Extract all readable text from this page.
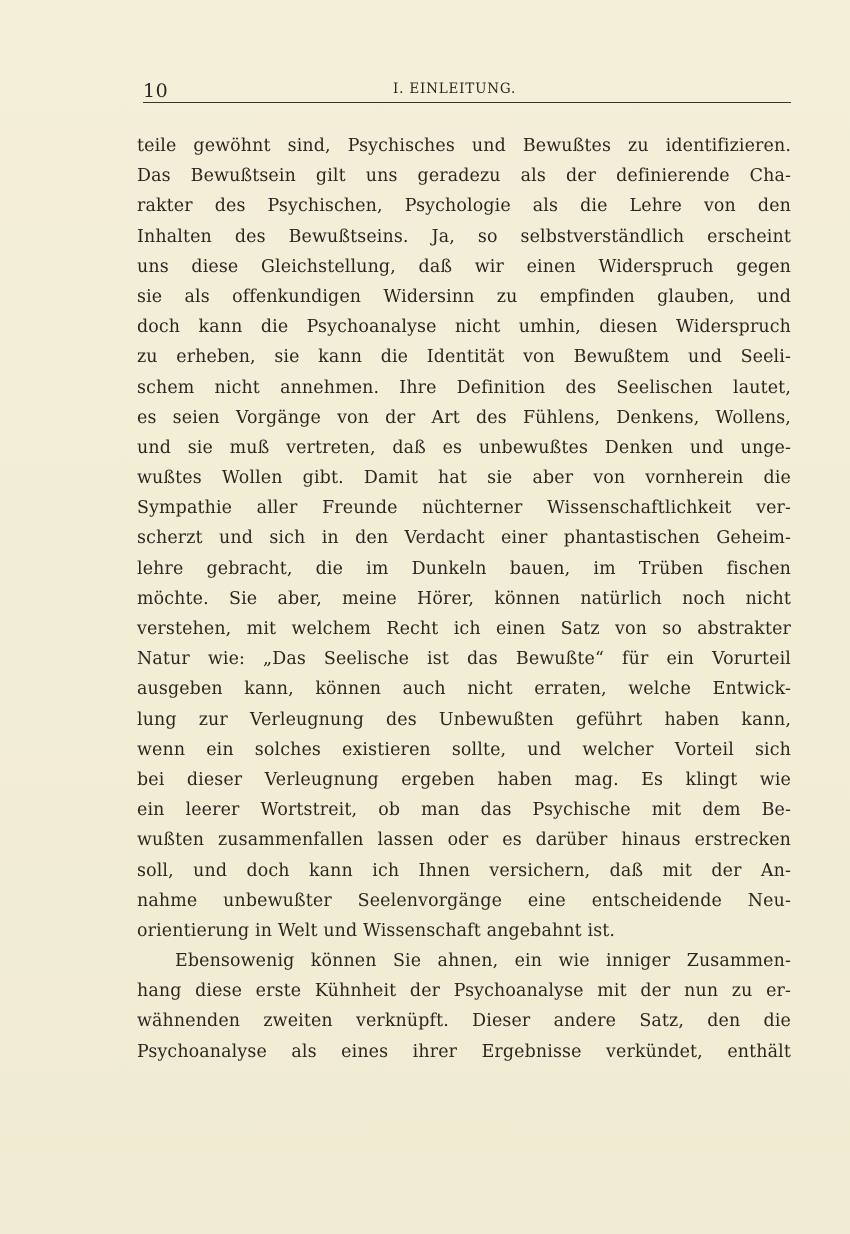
10	I. EINLEITUNG.
teile gewöhnt sind, Psychisches und Bewußtes zu identifizieren.
Das Bewußtsein gilt uns geradezu als der definierende Cha-
rakter des Psychischen, Psychologie als die Lehre von den
Inhalten des Bewußtseins. Ja, so selbstverständlich erscheint
uns diese Gleichstellung, daß wir einen Widerspruch gegen
sie als offenkundigen Widersinn zu empfinden glauben, und
doch kann die Psychoanalyse nicht umhin, diesen Widerspruch
zu erheben, sie kann die Identität von Bewußtem und Seeli-
schem nicht annehmen. Ihre Definition des Seelischen lautet,
es seien Vorgänge von der Art des Fühlens, Denkens, Wollens,
und sie muß vertreten, daß es unbewußtes Denken und unge-
wußtes Wollen gibt. Damit hat sie aber von vornherein die
Sympathie aller Freunde nüchterner Wissenschaftlichkeit ver-
scherzt und sich in den Verdacht einer phantastischen Geheim-
lehre gebracht, die im Dunkeln bauen, im Trüben fischen
möchte. Sie aber, meine Hörer, können natürlich noch nicht
verstehen, mit welchem Recht ich einen Satz von so abstrakter
Natur wie: „Das Seelische ist das Bewußte“ für ein Vorurteil
ausgeben kann, können auch nicht erraten, welche Entwick-
lung zur Verleugnung des Unbewußten geführt haben kann,
wenn ein solches existieren sollte, und welcher Vorteil sich
bei dieser Verleugnung ergeben haben mag. Es klingt wie
ein leerer Wortstreit, ob man das Psychische mit dem Be-
wußten zusammenfallen lassen oder es darüber hinaus erstrecken
soll, und doch kann ich Ihnen versichern, daß mit der An-
nahme unbewußter Seelenvorgänge eine entscheidende Neu-
orientierung in Welt und Wissenschaft angebahnt ist.
Ebensowenig können Sie ahnen, ein wie inniger Zusammen-
hang diese erste Kühnheit der Psychoanalyse mit der nun zu er-
wähnenden zweiten verknüpft. Dieser andere Satz, den die
Psychoanalyse als eines ihrer Ergebnisse verkündet, enthält
